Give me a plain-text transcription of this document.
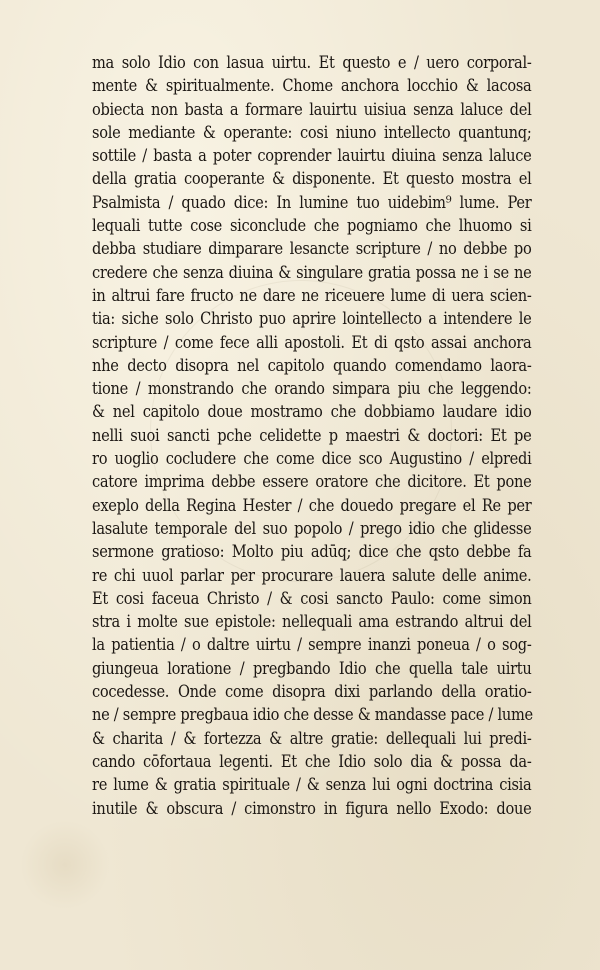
ma solo Idio con lasua uirtu. Et questo e / uero corporal-
mente & spiritualmente. Chome anchora locchio & lacosa
obiecta non basta a formare lauirtu uisiua senza laluce del
sole mediante & operante: cosi niuno intellecto quantunq;
sottile / basta a poter coprender lauirtu diuina senza laluce
della gratia cooperante & disponente. Et questo mostra el
Psalmista / quado dice: In lumine tuo uidebim⁹ lume. Per
lequali tutte cose siconclude che pogniamo che lhuomo si
debba studiare dimparare lesancte scripture / no debbe po
credere che senza diuina & singulare gratia possa ne i se ne
in altrui fare fructo ne dare ne riceuere lume di uera scien-
tia: siche solo Christo puo aprire lointellecto a intendere le
scripture / come fece alli apostoli. Et di qsto assai anchora
nhe decto disopra nel capitolo quando comendamo laora-
tione / monstrando che orando simpara piu che leggendo:
& nel capitolo doue mostramo che dobbiamo laudare idio
nelli suoi sancti pche celidette p maestri & doctori: Et pe
ro uoglio cocludere che come dice sco Augustino / elpredi
catore imprima debbe essere oratore che dicitore. Et pone
exeplo della Regina Hester / che douedo pregare el Re per
lasalute temporale del suo popolo / prego idio che glidesse
sermone gratioso: Molto piu adūq; dice che qsto debbe fa
re chi uuol parlar per procurare lauera salute delle anime.
Et cosi faceua Christo / & cosi sancto Paulo: come simon
stra i molte sue epistole: nellequali ama estrando altrui del
la patientia / o daltre uirtu / sempre inanzi poneua / o sog-
giungeua loratione / pregbando Idio che quella tale uirtu
cocedesse. Onde come disopra dixi parlando della oratio-
ne / sempre pregbaua idio che desse & mandasse pace / lume
& charita / & fortezza & altre gratie: dellequali lui predi-
cando cōfortaua legenti. Et che Idio solo dia & possa da-
re lume & gratia spirituale / & senza lui ogni doctrina cisia
inutile & obscura / cimonstro in figura nello Exodo: doue
